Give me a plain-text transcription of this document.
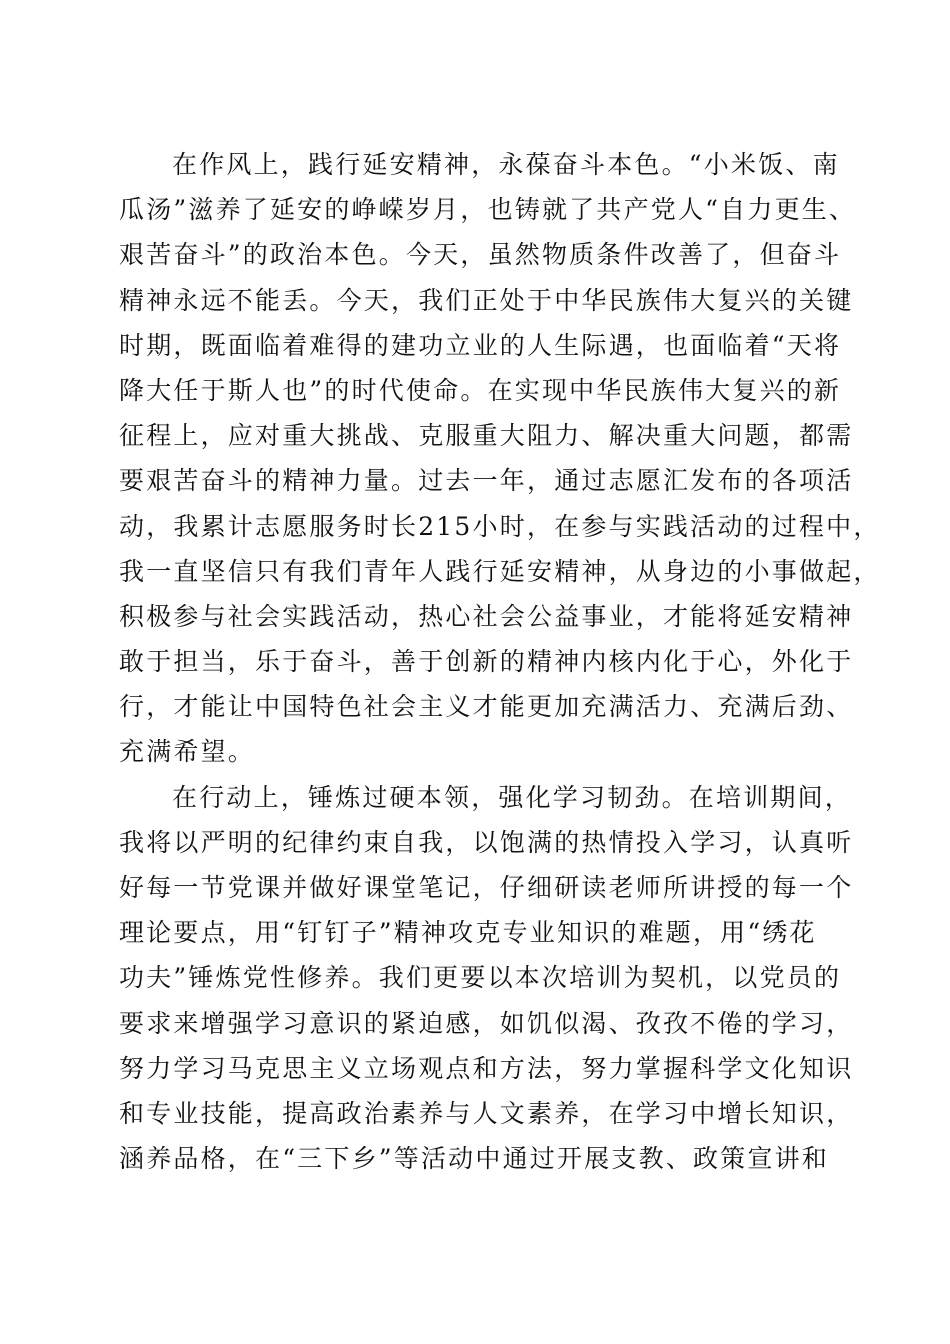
在作风上，践行延安精神，永葆奋斗本色。“小米饭、南
瓜汤”滋养了延安的峥嵘岁月，也铸就了共产党人“自力更生、
艰苦奋斗”的政治本色。今天，虽然物质条件改善了，但奋斗
精神永远不能丢。今天，我们正处于中华民族伟大复兴的关键
时期，既面临着难得的建功立业的人生际遇，也面临着“天将
降大任于斯人也”的时代使命。在实现中华民族伟大复兴的新
征程上，应对重大挑战、克服重大阻力、解决重大问题，都需
要艰苦奋斗的精神力量。过去一年，通过志愿汇发布的各项活
动，我累计志愿服务时长215小时，在参与实践活动的过程中，
我一直坚信只有我们青年人践行延安精神，从身边的小事做起，
积极参与社会实践活动，热心社会公益事业，才能将延安精神
敢于担当，乐于奋斗，善于创新的精神内核内化于心，外化于
行，才能让中国特色社会主义才能更加充满活力、充满后劲、
充满希望。
在行动上，锤炼过硬本领，强化学习韧劲。在培训期间，
我将以严明的纪律约束自我，以饱满的热情投入学习，认真听
好每一节党课并做好课堂笔记，仔细研读老师所讲授的每一个
理论要点，用“钉钉子”精神攻克专业知识的难题，用“绣花
功夫”锤炼党性修养。我们更要以本次培训为契机，以党员的
要求来增强学习意识的紧迫感，如饥似渴、孜孜不倦的学习，
努力学习马克思主义立场观点和方法，努力掌握科学文化知识
和专业技能，提高政治素养与人文素养，在学习中增长知识，
涵养品格，在“三下乡”等活动中通过开展支教、政策宣讲和
